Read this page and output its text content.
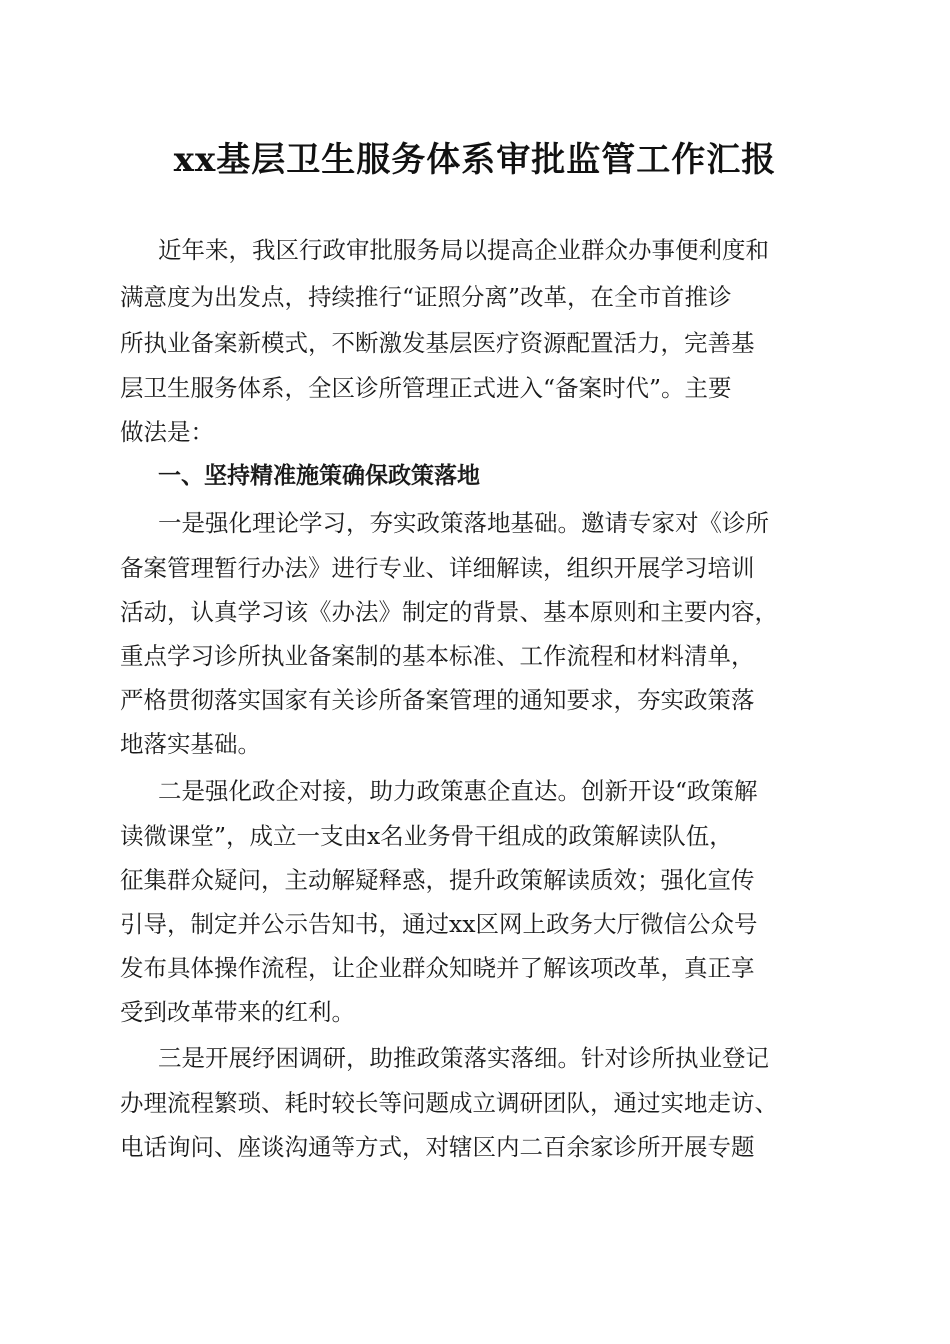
xx基层卫生服务体系审批监管工作汇报
近年来，我区行政审批服务局以提高企业群众办事便利度和
满意度为出发点，持续推行“证照分离”改革，在全市首推诊
所执业备案新模式，不断激发基层医疗资源配置活力，完善基
层卫生服务体系，全区诊所管理正式进入“备案时代”。主要
做法是：
一、坚持精准施策确保政策落地
一是强化理论学习，夯实政策落地基础。邀请专家对《诊所
备案管理暂行办法》进行专业、详细解读，组织开展学习培训
活动，认真学习该《办法》制定的背景、基本原则和主要内容，
重点学习诊所执业备案制的基本标准、工作流程和材料清单，
严格贯彻落实国家有关诊所备案管理的通知要求，夯实政策落
地落实基础。
二是强化政企对接，助力政策惠企直达。创新开设“政策解
读微课堂”，成立一支由x名业务骨干组成的政策解读队伍，
征集群众疑问，主动解疑释惑，提升政策解读质效；强化宣传
引导，制定并公示告知书，通过xx区网上政务大厅微信公众号
发布具体操作流程，让企业群众知晓并了解该项改革，真正享
受到改革带来的红利。
三是开展纾困调研，助推政策落实落细。针对诊所执业登记
办理流程繁琐、耗时较长等问题成立调研团队，通过实地走访、
电话询问、座谈沟通等方式，对辖区内二百余家诊所开展专题
